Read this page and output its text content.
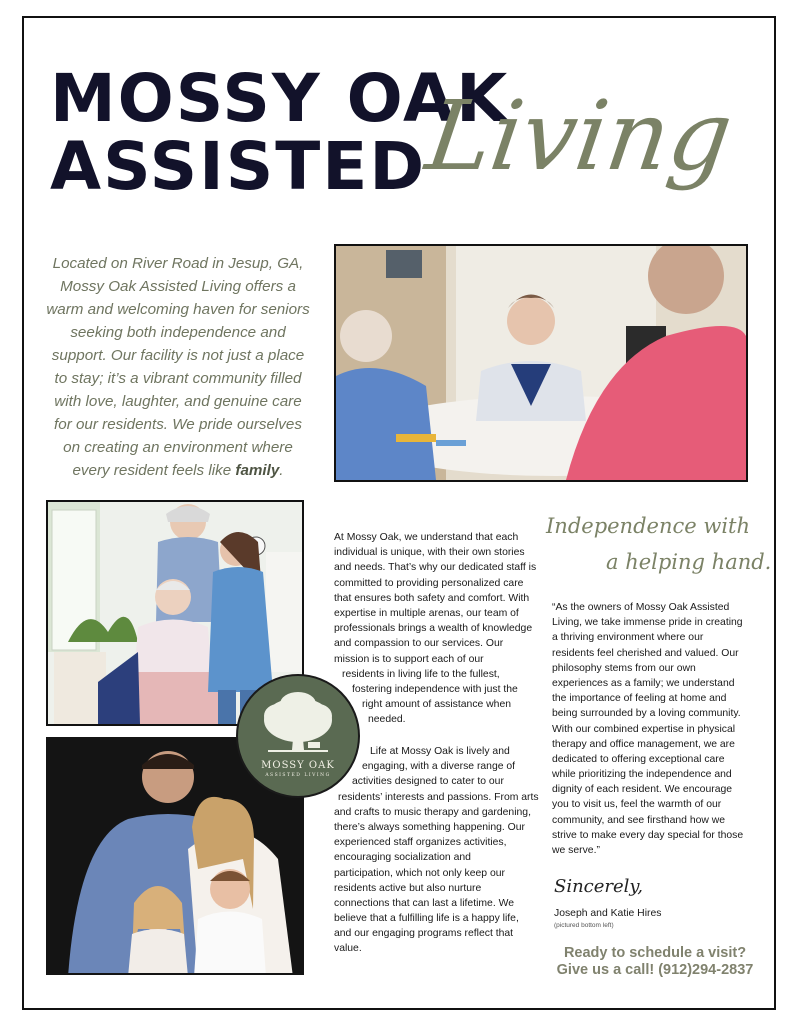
MOSSY OAK
ASSISTED
Living
Located on River Road in Jesup, GA, Mossy Oak Assisted Living offers a warm and welcoming haven for seniors seeking both independence and support. Our facility is not just a place to stay; it’s a vibrant community filled with love, laughter, and genuine care for our residents. We pride ourselves on creating an environment where every resident feels like family.
MOSSY OAK
ASSISTED LIVING
At Mossy Oak, we understand that each
individual is unique, with their own stories
and needs. That’s why our dedicated staff is
committed to providing personalized care
that ensures both safety and comfort. With
expertise in multiple arenas, our team of
professionals brings a wealth of knowledge
and compassion to our services. Our
mission is to support each of our
residents in living life to the fullest,
fostering independence with just the
right amount of assistance when
needed.
Life at Mossy Oak is lively and
engaging, with a diverse range of
activities designed to cater to our
residents’ interests and passions. From arts
and crafts to music therapy and gardening,
there’s always something happening. Our
experienced staff organizes activities,
encouraging socialization and
participation, which not only keep our
residents active but also nurture
connections that can last a lifetime. We
believe that a fulfilling life is a happy life,
and our engaging programs reflect that
value.
Independence with
a helping hand.
“As the owners of Mossy Oak Assisted
Living, we take immense pride in creating
a thriving environment where our
residents feel cherished and valued. Our
philosophy stems from our own
experiences as a family; we understand
the importance of feeling at home and
being surrounded by a loving community.
With our combined expertise in physical
therapy and office management, we are
dedicated to offering exceptional care
while prioritizing the independence and
dignity of each resident. We encourage
you to visit us, feel the warmth of our
community, and see firsthand how we
strive to make every day special for those
we serve.”
Sincerely,
Joseph and Katie Hires
(pictured bottom left)
Ready to schedule a visit?
Give us a call! (912)294-2837
